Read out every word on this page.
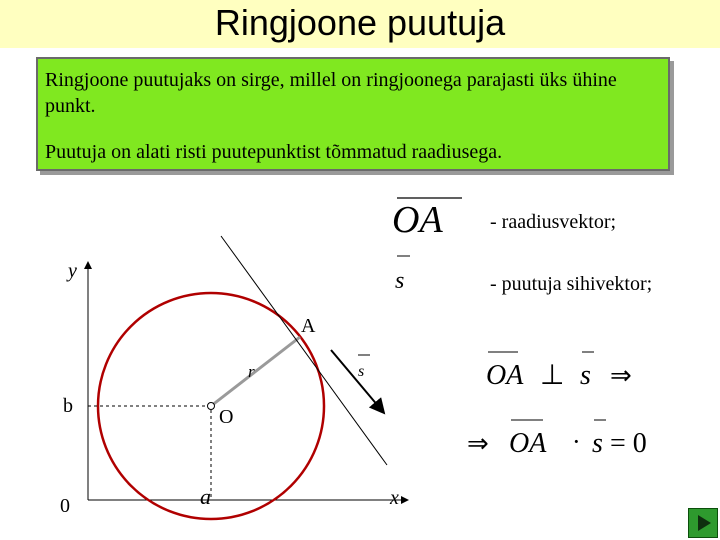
Ringjoone puutuja
Ringjoone puutujaks on sirge, millel on ringjoonega parajasti üks ühine punkt.
Puutuja on alati risti puutepunktist tõmmatud raadiusega.
y
x
0	a
b	O
r
A
s
OA - raadiusvektor;
s	- puutuja sihivektor;
OA ⊥ s ⇒
⇒ OA · s = 0
